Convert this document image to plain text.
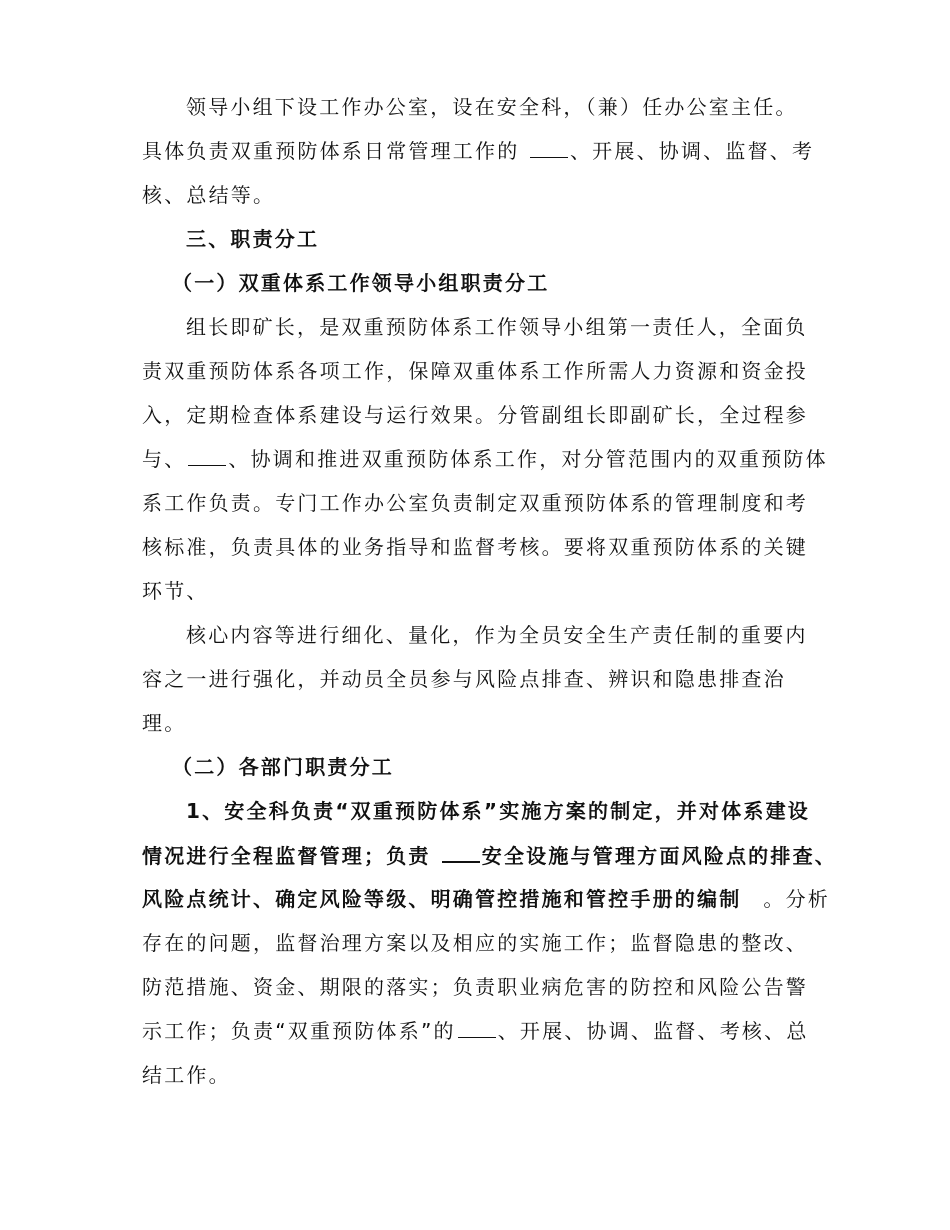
领导小组下设工作办公室，设在安全科，（兼）任办公室主任。
具体负责双重预防体系日常管理工作的 、开展、协调、监督、考
核、总结等。
三、职责分工
（一）双重体系工作领导小组职责分工
组长即矿长，是双重预防体系工作领导小组第一责任人，全面负
责双重预防体系各项工作，保障双重体系工作所需人力资源和资金投
入，定期检查体系建设与运行效果。分管副组长即副矿长，全过程参
与、 、协调和推进双重预防体系工作，对分管范围内的双重预防体
系工作负责。专门工作办公室负责制定双重预防体系的管理制度和考
核标准，负责具体的业务指导和监督考核。要将双重预防体系的关键
环节、
核心内容等进行细化、量化，作为全员安全生产责任制的重要内
容之一进行强化，并动员全员参与风险点排查、辨识和隐患排查治
理。
（二）各部门职责分工
1、安全科负责“双重预防体系”实施方案的制定，并对体系建设
情况进行全程监督管理；负责 安全设施与管理方面风险点的排查、
风险点统计、确定风险等级、明确管控措施和管控手册的编制 。分析
存在的问题，监督治理方案以及相应的实施工作；监督隐患的整改、
防范措施、资金、期限的落实；负责职业病危害的防控和风险公告警
示工作；负责“双重预防体系”的 、开展、协调、监督、考核、总
结工作。
